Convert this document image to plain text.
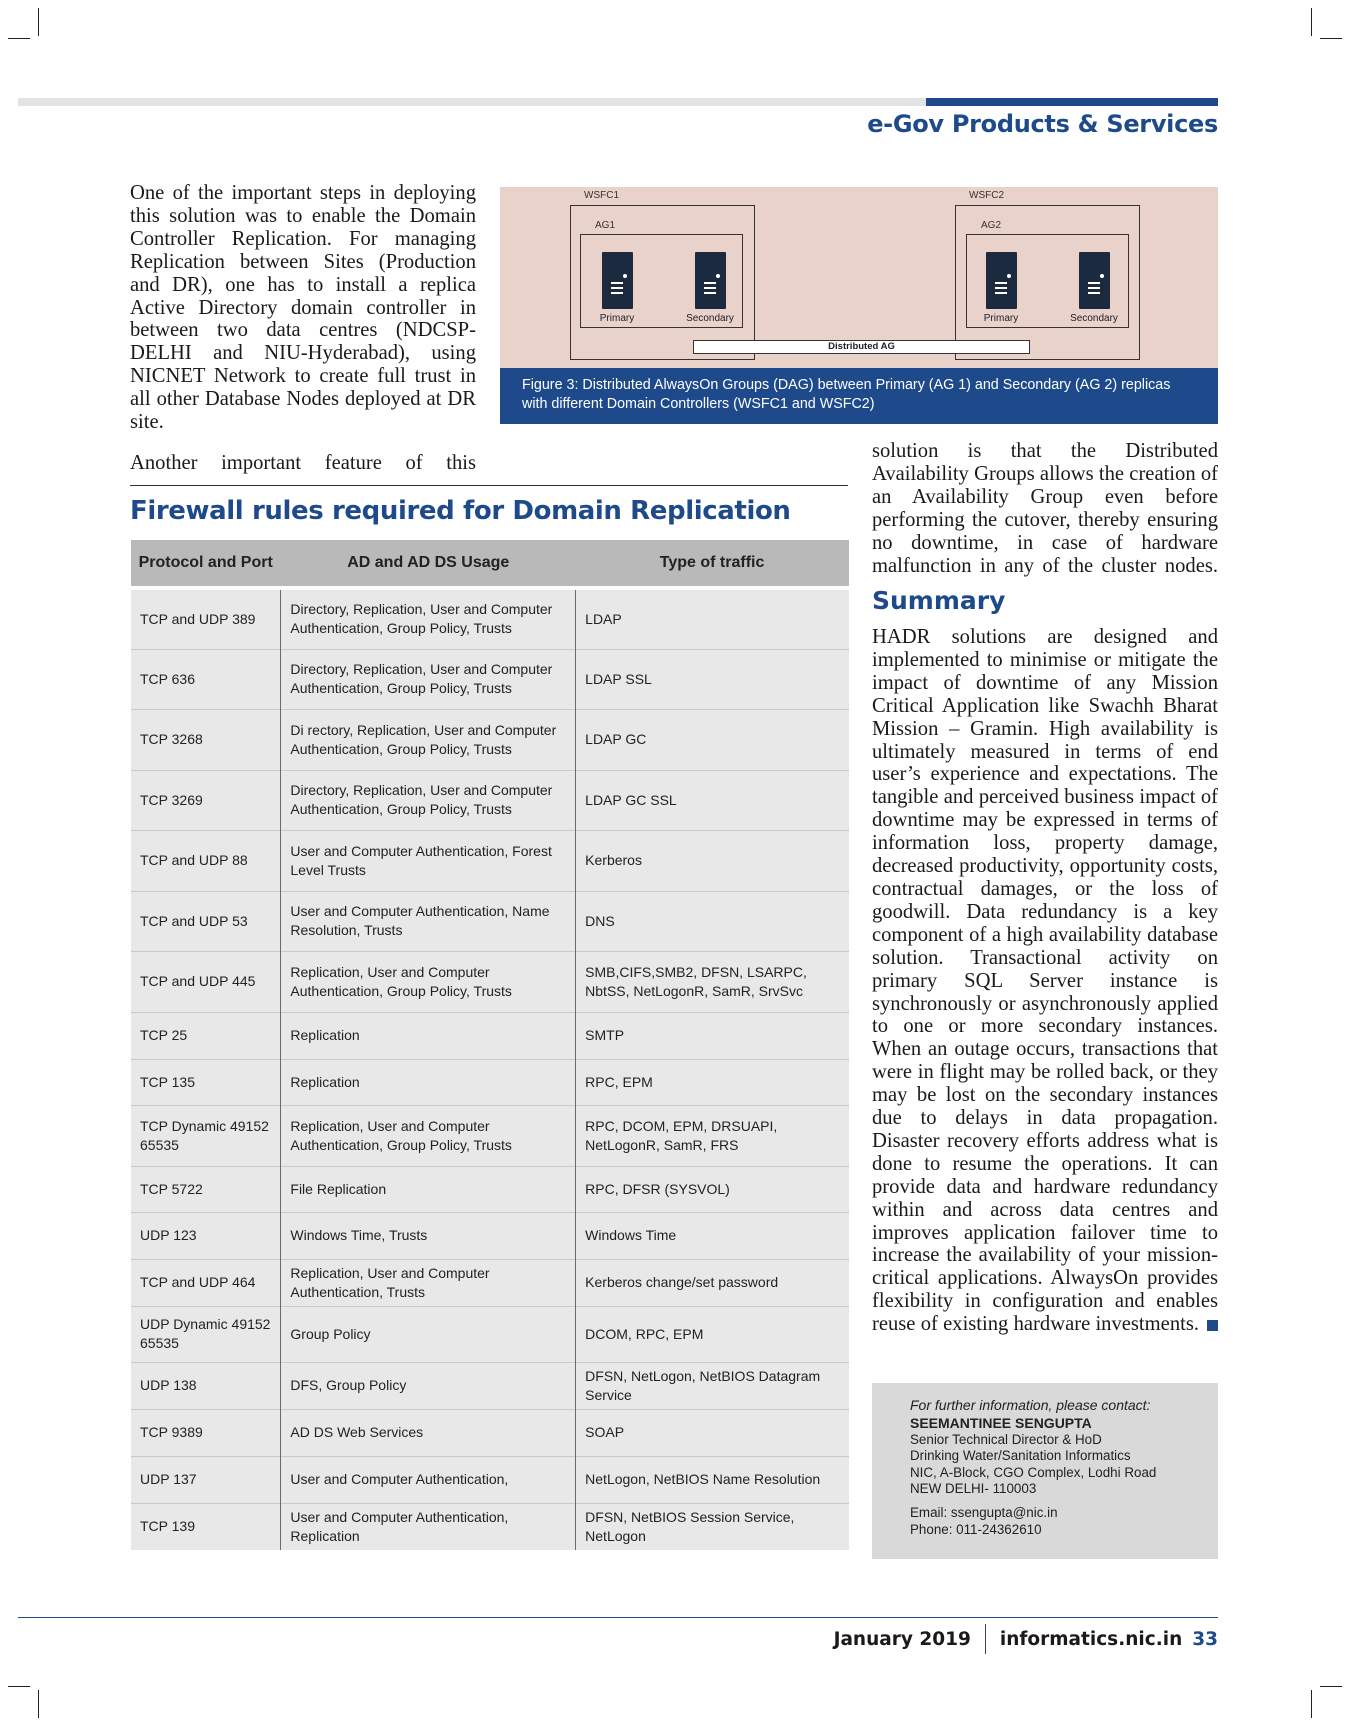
e-Gov Products & Services

One of the important steps in deploying this solution was to enable the Domain Controller Replication. For managing Replication between Sites (Production and DR), one has to install a replica Active Directory domain controller in between two data centres (NDCSP-DELHI and NIU-Hyderabad), using NICNET Network to create full trust in all other Database Nodes deployed at DR site.

Another important feature of this
WSFC1	WSFC2
AG1	AG2
Primary	Secondary	Primary	Secondary
Distributed AG
Figure 3: Distributed AlwaysOn Groups (DAG) between Primary (AG 1) and Secondary (AG 2) replicas with different Domain Controllers (WSFC1 and WSFC2)
Firewall rules required for Domain Replication
Protocol and Port	AD and AD DS Usage	Type of traffic
TCP and UDP 389	Directory, Replication, User and Computer Authentication, Group Policy, Trusts	LDAP
TCP 636	Directory, Replication, User and Computer Authentication, Group Policy, Trusts	LDAP SSL
TCP 3268	Di rectory, Replication, User and Computer Authentication, Group Policy, Trusts	LDAP GC
TCP 3269	Directory, Replication, User and Computer Authentication, Group Policy, Trusts	LDAP GC SSL
TCP and UDP 88	User and Computer Authentication, Forest Level Trusts	Kerberos
TCP and UDP 53	User and Computer Authentication, Name Resolution, Trusts	DNS
TCP and UDP 445	Replication, User and Computer Authentication, Group Policy, Trusts	SMB,CIFS,SMB2, DFSN, LSARPC, NbtSS, NetLogonR, SamR, SrvSvc
TCP 25	Replication	SMTP
TCP 135	Replication	RPC, EPM
TCP Dynamic 49152 65535	Replication, User and Computer Authentication, Group Policy, Trusts	RPC, DCOM, EPM, DRSUAPI, NetLogonR, SamR, FRS
TCP 5722	File Replication	RPC, DFSR (SYSVOL)
UDP 123	Windows Time, Trusts	Windows Time
TCP and UDP 464	Replication, User and Computer Authentication, Trusts	Kerberos change/set password
UDP Dynamic 49152 65535	Group Policy	DCOM, RPC, EPM
UDP 138	DFS, Group Policy	DFSN, NetLogon, NetBIOS Datagram Service
TCP 9389	AD DS Web Services	SOAP
UDP 137	User and Computer Authentication,	NetLogon, NetBIOS Name Resolution
TCP 139	User and Computer Authentication, Replication	DFSN, NetBIOS Session Service, NetLogon

solution is that the Distributed Availability Groups allows the creation of an Availability Group even before performing the cutover, thereby ensuring no downtime, in case of hardware malfunction in any of the cluster nodes.

Summary

HADR solutions are designed and implemented to minimise or mitigate the impact of downtime of any Mission Critical Application like Swachh Bharat Mission – Gramin. High availability is ultimately measured in terms of end user’s experience and expectations. The tangible and perceived business impact of downtime may be expressed in terms of information loss, property damage, decreased productivity, opportunity costs, contractual damages, or the loss of goodwill. Data redundancy is a key component of a high availability database solution. Transactional activity on primary SQL Server instance is synchronously or asynchronously applied to one or more secondary instances. When an outage occurs, transactions that were in flight may be rolled back, or they may be lost on the secondary instances due to delays in data propagation. Disaster recovery efforts address what is done to resume the operations. It can provide data and hardware redundancy within and across data centres and improves application failover time to increase the availability of your mission-critical applications. AlwaysOn provides flexibility in configuration and enables reuse of existing hardware investments.

For further information, please contact:
SEEMANTINEE SENGUPTA
Senior Technical Director & HoD
Drinking Water/Sanitation Informatics
NIC, A-Block, CGO Complex, Lodhi Road
NEW DELHI- 110003
Email: ssengupta@nic.in
Phone: 011-24362610
January 2019 informatics.nic.in 33
